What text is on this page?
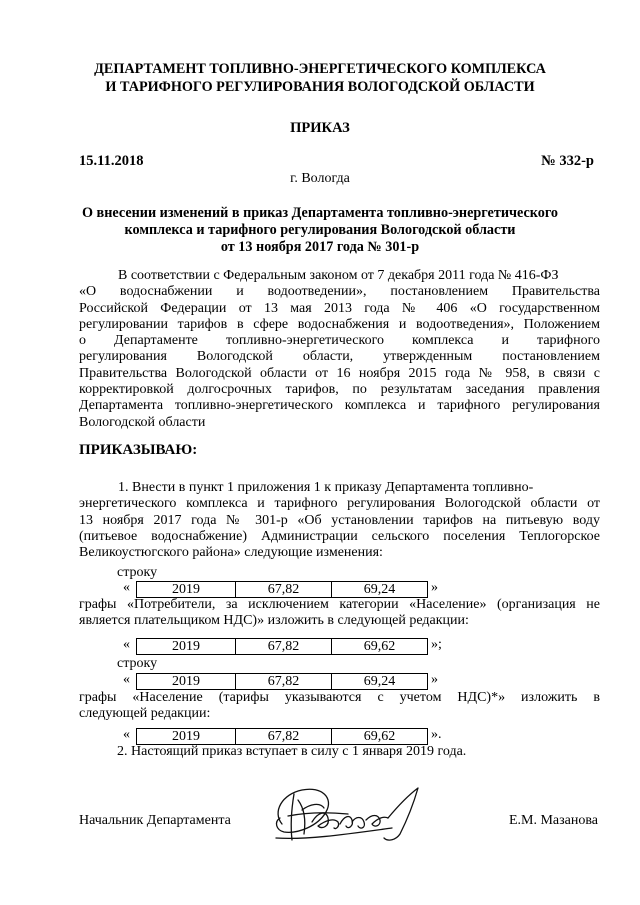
ДЕПАРТАМЕНТ ТОПЛИВНО-ЭНЕРГЕТИЧЕСКОГО КОМПЛЕКСА
И ТАРИФНОГО РЕГУЛИРОВАНИЯ ВОЛОГОДСКОЙ ОБЛАСТИ
ПРИКАЗ
15.11.2018	№ 332-р
г. Вологда
О внесении изменений в приказ Департамента топливно-энергетического
комплекса и тарифного регулирования Вологодской области
от 13 ноября 2017 года № 301-р
В соответствии с Федеральным законом от 7 декабря 2011 года № 416-ФЗ
«О водоснабжении и водоотведении», постановлением Правительства
Российской Федерации от 13 мая 2013 года № 406 «О государственном
регулировании тарифов в сфере водоснабжения и водоотведения», Положением
о Департаменте топливно-энергетического комплекса и тарифного
регулирования Вологодской области, утвержденным постановлением
Правительства Вологодской области от 16 ноября 2015 года № 958, в связи с
корректировкой долгосрочных тарифов, по результатам заседания правления
Департамента топливно-энергетического комплекса и тарифного регулирования
Вологодской области
ПРИКАЗЫВАЮ:
1. Внести в пункт 1 приложения 1 к приказу Департамента топливно-
энергетического комплекса и тарифного регулирования Вологодской области от
13 ноября 2017 года № 301-р «Об установлении тарифов на питьевую воду
(питьевое водоснабжение) Администрации сельского поселения Теплогорское
Великоустюгского района» следующие изменения:
строку
«	2019	67,82	69,24	»
графы «Потребители, за исключением категории «Население» (организация не
является плательщиком НДС)» изложить в следующей редакции:
«	2019	67,82	69,62	»;
строку
«	2019	67,82	69,24	»
графы «Население (тарифы указываются с учетом НДС)*» изложить в
следующей редакции:
«	2019	67,82	69,62	».
2. Настоящий приказ вступает в силу с 1 января 2019 года.
Начальник Департамента	Е.М. Мазанова
